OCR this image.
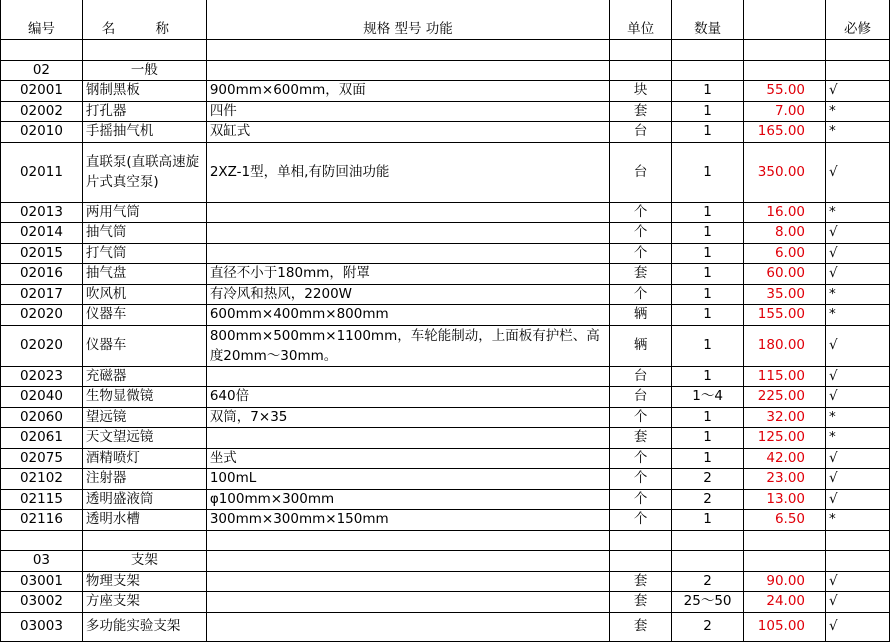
编号	名 称	规格 型号 功能	单位	数量		必修

02	一般					
02001	钢制黑板	900mm×600mm，双面	块	1	55.00	√
02002	打孔器	四件	套	1	7.00	*
02010	手摇抽气机	双缸式	台	1	165.00	*
02011	直联泵(直联高速旋片式真空泵)	2XZ-1型，单相,有防回油功能	台	1	350.00	√
02013	两用气筒		个	1	16.00	*
02014	抽气筒		个	1	8.00	√
02015	打气筒		个	1	6.00	√
02016	抽气盘	直径不小于180mm，附罩	套	1	60.00	√
02017	吹风机	有冷风和热风，2200W	个	1	35.00	*
02020	仪器车	600mm×400mm×800mm	辆	1	155.00	*
02020	仪器车	800mm×500mm×1100mm，车轮能制动，上面板有护栏、高度20mm～30mm。	辆	1	180.00	√
02023	充磁器		台	1	115.00	√
02040	生物显微镜	640倍	台	1～4	225.00	√
02060	望远镜	双筒，7×35	个	1	32.00	*
02061	天文望远镜		套	1	125.00	*
02075	酒精喷灯	坐式	个	1	42.00	√
02102	注射器	100mL	个	2	23.00	√
02115	透明盛液筒	φ100mm×300mm	个	2	13.00	√
02116	透明水槽	300mm×300mm×150mm	个	1	6.50	*

03	支架					
03001	物理支架		套	2	90.00	√
03002	方座支架		套	25～50	24.00	√
03003	多功能实验支架		套	2	105.00	√
